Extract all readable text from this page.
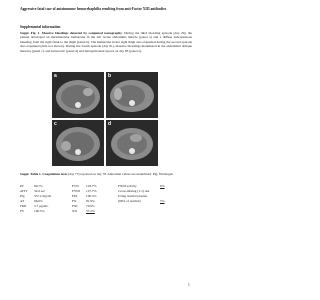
Aggressive fatal case of autoimmune hemorrhaphilia resulting from anti-Factor XIII antibodies
Supplemental information
Suppl. Fig. 1. Massive bleedings detected by computed tomography. During the third bleeding episode (day 29), the patient developed an intramuscular hematoma in the left rectus abdominis muscle (panel a) and a diffuse subcutaneous bleeding from the right flank to the thigh (panel b). The hematoma in her right thigh also expanded during the second episode also expanded (data not shown). During the fourth episode (day 61), massive bleedings manifested in the abdominal oblique muscles (panel c), and intraaortic (panel d) and intraperitoneal spaces on day 83 (panel e).
a	b
c	d
Suppl. Table 1. Coagulation tests (day 77) reported on day 78. Abnormal values are underlined. Plg, fibrinogen
PT	69.7%
aPTT	32.6 sec
Plg	357.2 mg/dL
AT	96.6%
FDP	3.7 µg/mL
FV	100.5%
FVII	103.7%
FVIII	127.7%
FIX	100.3%
FX	81.9%
FXI	70.9%
XII	37.2%
FXIII activity	6%
Cross-mixing (1:1) test
Using normal plasma
(96% of normal)	5%
1
